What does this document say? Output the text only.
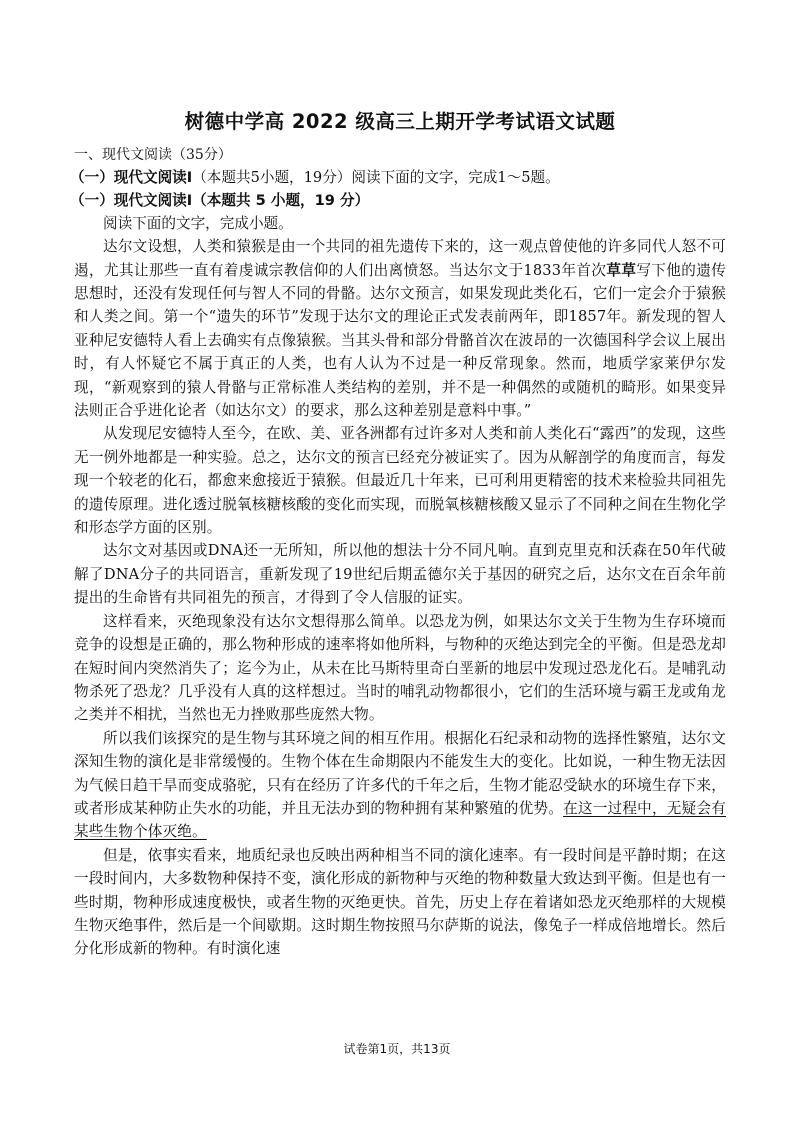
树德中学高 2022 级高三上期开学考试语文试题

一、现代文阅读（35分）

（一）现代文阅读Ⅰ（本题共5小题，19分）阅读下面的文字，完成1～5题。

（一）现代文阅读Ⅰ（本题共 5 小题，19 分）

阅读下面的文字，完成小题。

达尔文设想，人类和猿猴是由一个共同的祖先遗传下来的，这一观点曾使他的许多同代人怒不可遏，尤其让那些一直有着虔诚宗教信仰的人们出离愤怒。当达尔文于1833年首次草草写下他的遗传思想时，还没有发现任何与智人不同的骨骼。达尔文预言，如果发现此类化石，它们一定会介于猿猴和人类之间。第一个“遗失的环节”发现于达尔文的理论正式发表前两年，即1857年。新发现的智人亚种尼安德特人看上去确实有点像猿猴。当其头骨和部分骨骼首次在波昂的一次德国科学会议上展出时，有人怀疑它不属于真正的人类，也有人认为不过是一种反常现象。然而，地质学家莱伊尔发现，“新观察到的猿人骨骼与正常标准人类结构的差别，并不是一种偶然的或随机的畸形。如果变异法则正合乎进化论者（如达尔文）的要求，那么这种差别是意料中事。”

从发现尼安德特人至今，在欧、美、亚各洲都有过许多对人类和前人类化石“露西”的发现，这些无一例外地都是一种实验。总之，达尔文的预言已经充分被证实了。因为从解剖学的角度而言，每发现一个较老的化石，都愈来愈接近于猿猴。但最近几十年来，已可利用更精密的技术来检验共同祖先的遗传原理。进化透过脱氧核糖核酸的变化而实现，而脱氧核糖核酸又显示了不同种之间在生物化学和形态学方面的区别。

达尔文对基因或DNA还一无所知，所以他的想法十分不同凡响。直到克里克和沃森在50年代破解了DNA分子的共同语言，重新发现了19世纪后期孟德尔关于基因的研究之后，达尔文在百余年前提出的生命皆有共同祖先的预言，才得到了令人信服的证实。

这样看来，灭绝现象没有达尔文想得那么简单。以恐龙为例，如果达尔文关于生物为生存环境而竞争的设想是正确的，那么物种形成的速率将如他所料，与物种的灭绝达到完全的平衡。但是恐龙却在短时间内突然消失了；迄今为止，从未在比马斯特里奇白垩新的地层中发现过恐龙化石。是哺乳动物杀死了恐龙？几乎没有人真的这样想过。当时的哺乳动物都很小，它们的生活环境与霸王龙或角龙之类并不相扰，当然也无力挫败那些庞然大物。

所以我们该探究的是生物与其环境之间的相互作用。根据化石纪录和动物的选择性繁殖，达尔文深知生物的演化是非常缓慢的。生物个体在生命期限内不能发生大的变化。比如说，一种生物无法因为气候日趋干旱而变成骆驼，只有在经历了许多代的千年之后，生物才能忍受缺水的环境生存下来，或者形成某种防止失水的功能，并且无法办到的物种拥有某种繁殖的优势。在这一过程中，无疑会有某些生物个体灭绝。

但是，依事实看来，地质纪录也反映出两种相当不同的演化速率。有一段时间是平静时期；在这一段时间内，大多数物种保持不变，演化形成的新物种与灭绝的物种数量大致达到平衡。但是也有一些时期，物种形成速度极快，或者生物的灭绝更快。首先，历史上存在着诸如恐龙灭绝那样的大规模生物灭绝事件，然后是一个间歇期。这时期生物按照马尔萨斯的说法，像兔子一样成倍地增长。然后分化形成新的物种。有时演化速

试卷第1页，共13页
